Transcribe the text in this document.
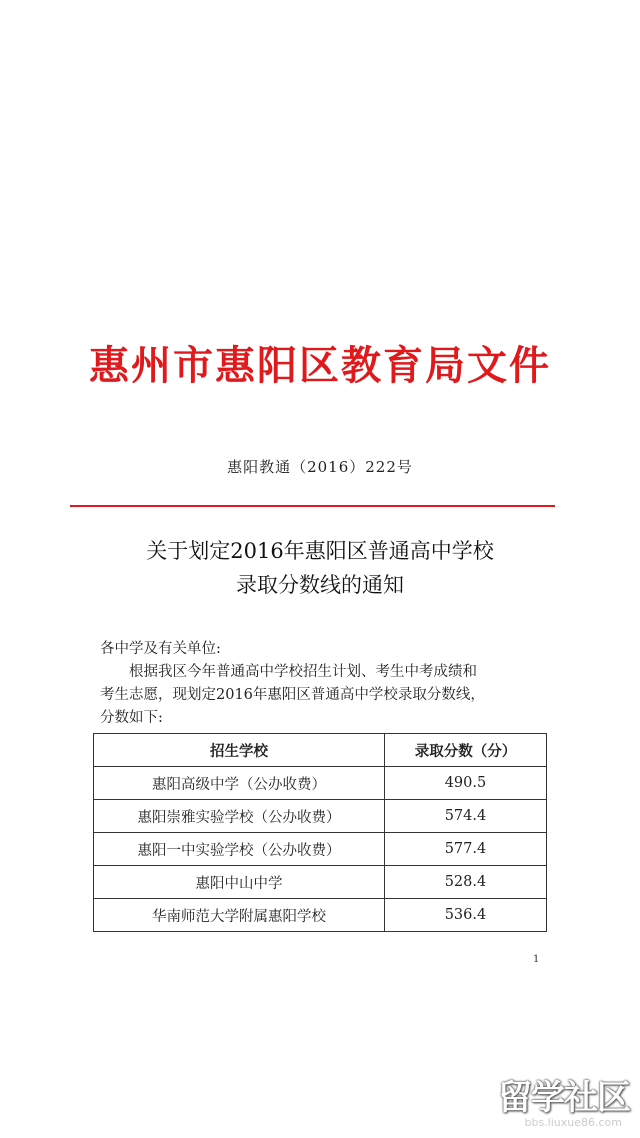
惠州市惠阳区教育局文件
惠阳教通（2016）222号
关于划定2016年惠阳区普通高中学校
录取分数线的通知

各中学及有关单位:

根据我区今年普通高中学校招生计划、考生中考成绩和

考生志愿，现划定2016年惠阳区普通高中学校录取分数线，

分数如下:

招生学校	录取分数（分）
惠阳高级中学（公办收费）	490.5
惠阳崇雅实验学校（公办收费）	574.4
惠阳一中实验学校（公办收费）	577.4
惠阳中山中学	528.4
华南师范大学附属惠阳学校	536.4
1
留学社区
bbs.liuxue86.com
